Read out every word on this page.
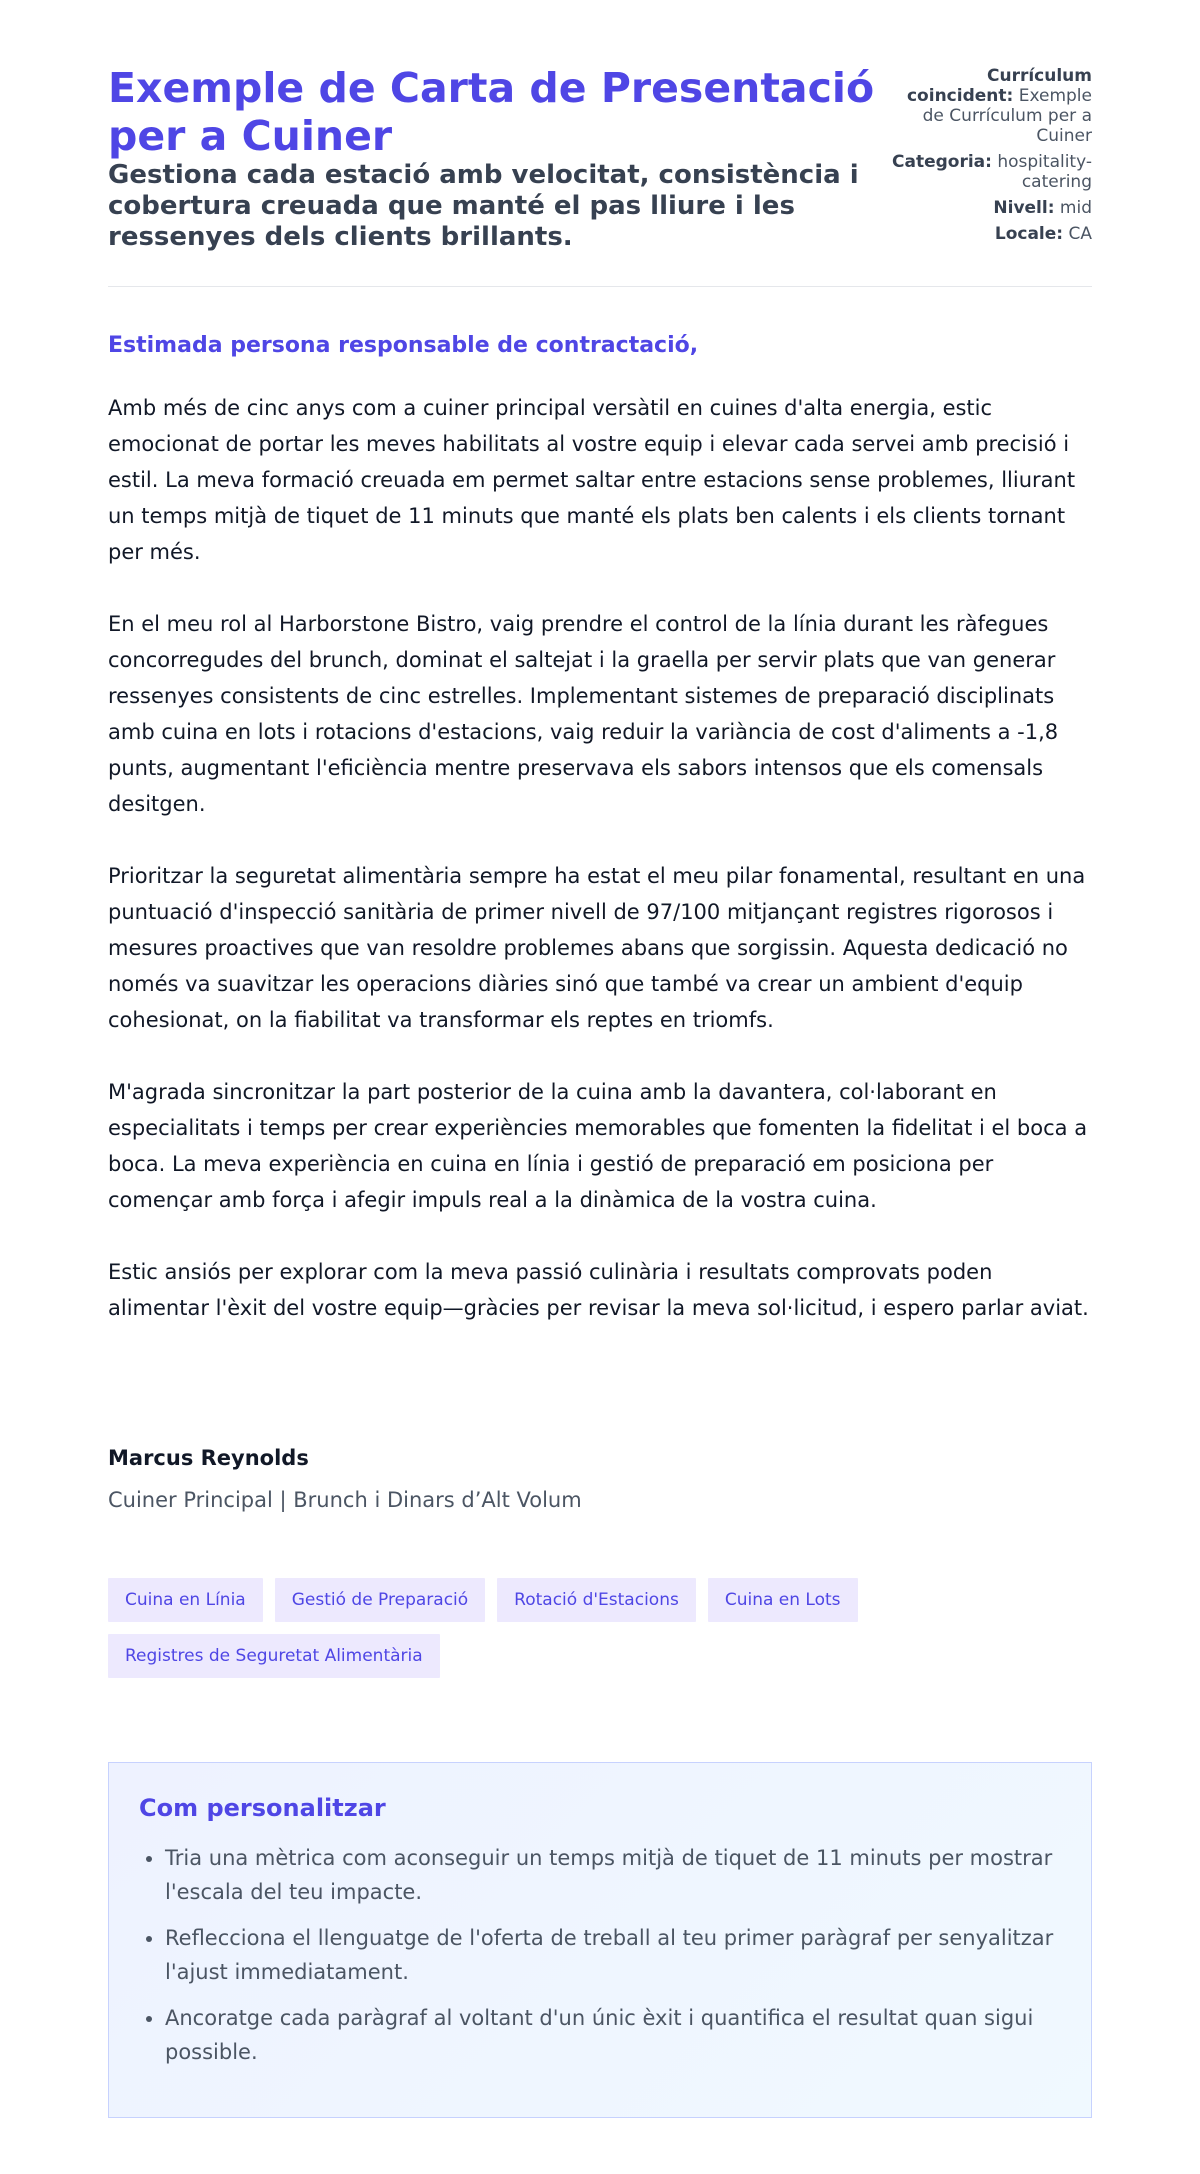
Exemple de Carta de Presentació per a Cuiner
Gestiona cada estació amb velocitat, consistència i cobertura creuada que manté el pas lliure i les ressenyes dels clients brillants.
Currículum coincident: Exemple de Currículum per a Cuiner
Categoria: hospitality-catering
Nivell: mid
Locale: CA

Estimada persona responsable de contractació,

Amb més de cinc anys com a cuiner principal versàtil en cuines d'alta energia, estic emocionat de portar les meves habilitats al vostre equip i elevar cada servei amb precisió i estil. La meva formació creuada em permet saltar entre estacions sense problemes, lliurant un temps mitjà de tiquet de 11 minuts que manté els plats ben calents i els clients tornant per més.

En el meu rol al Harborstone Bistro, vaig prendre el control de la línia durant les ràfegues concorregudes del brunch, dominat el saltejat i la graella per servir plats que van generar ressenyes consistents de cinc estrelles. Implementant sistemes de preparació disciplinats amb cuina en lots i rotacions d'estacions, vaig reduir la variància de cost d'aliments a -1,8 punts, augmentant l'eficiència mentre preservava els sabors intensos que els comensals desitgen.

Prioritzar la seguretat alimentària sempre ha estat el meu pilar fonamental, resultant en una puntuació d'inspecció sanitària de primer nivell de 97/100 mitjançant registres rigorosos i mesures proactives que van resoldre problemes abans que sorgissin. Aquesta dedicació no només va suavitzar les operacions diàries sinó que també va crear un ambient d'equip cohesionat, on la fiabilitat va transformar els reptes en triomfs.

M'agrada sincronitzar la part posterior de la cuina amb la davantera, col·laborant en especialitats i temps per crear experiències memorables que fomenten la fidelitat i el boca a boca. La meva experiència en cuina en línia i gestió de preparació em posiciona per començar amb força i afegir impuls real a la dinàmica de la vostra cuina.

Estic ansiós per explorar com la meva passió culinària i resultats comprovats poden alimentar l'èxit del vostre equip—gràcies per revisar la meva sol·licitud, i espero parlar aviat.

Marcus Reynolds

Cuiner Principal | Brunch i Dinars d’Alt Volum

Cuina en Línia	Gestió de Preparació	Rotació d'Estacions	Cuina en Lots
Registres de Seguretat Alimentària
Com personalitzar
• Tria una mètrica com aconseguir un temps mitjà de tiquet de 11 minuts per mostrar l'escala del teu impacte.
• Reflecciona el llenguatge de l'oferta de treball al teu primer paràgraf per senyalitzar l'ajust immediatament.
• Ancoratge cada paràgraf al voltant d'un únic èxit i quantifica el resultat quan sigui possible.
